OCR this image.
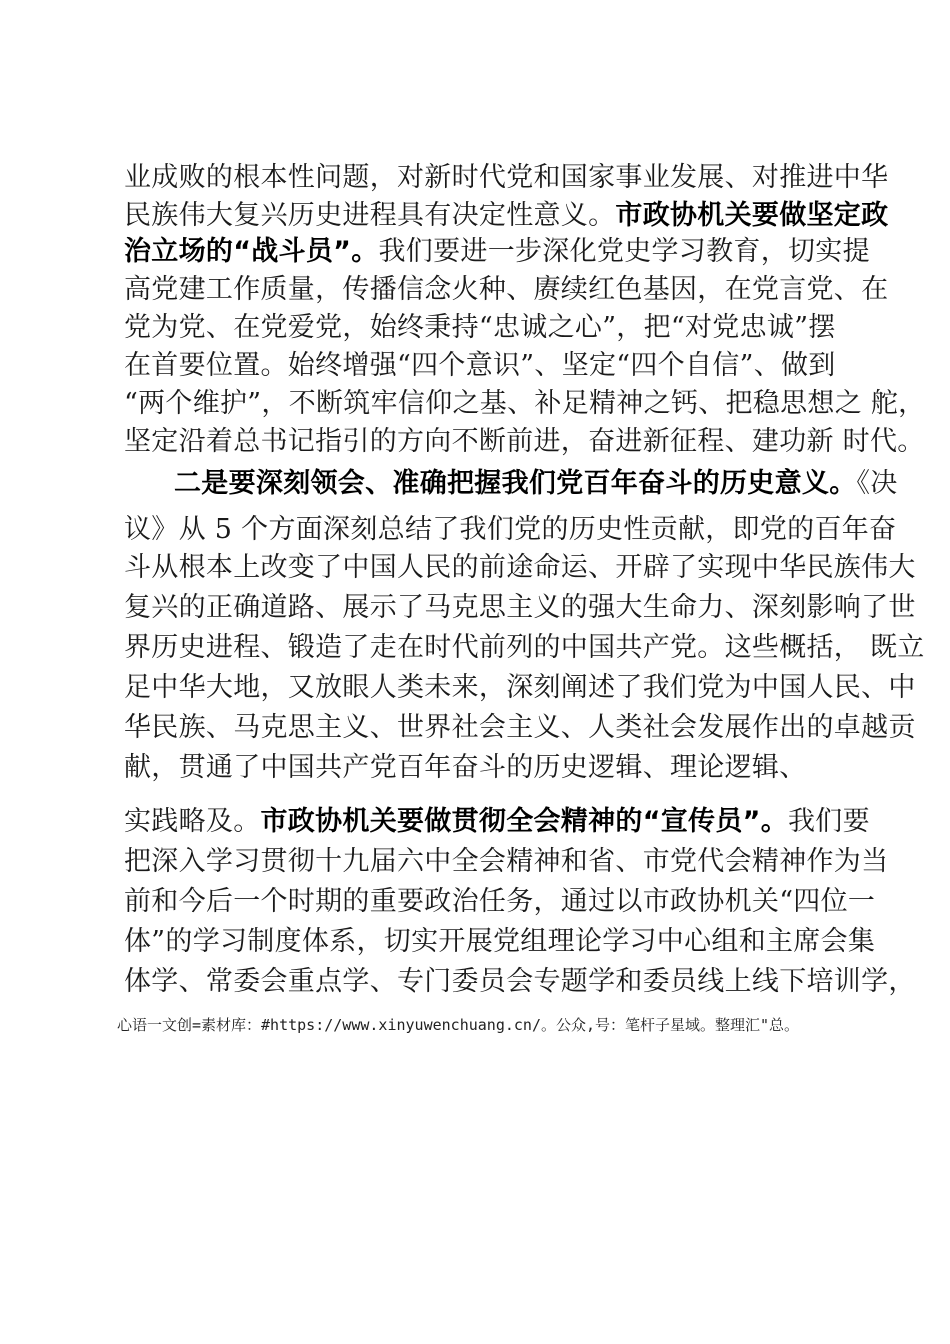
业成败的根本性问题，对新时代党和国家事业发展、对推进中华
民族伟大复兴历史进程具有决定性意义。市政协机关要做坚定政
治立场的“战斗员”。我们要进一步深化党史学习教育，切实提
高党建工作质量，传播信念火种、赓续红色基因，在党言党、在
党为党、在党爱党，始终秉持“忠诚之心”，把“对党忠诚”摆
在首要位置。始终增强“四个意识”、坚定“四个自信”、做到
“两个维护”，不断筑牢信仰之基、补足精神之钙、把稳思想之 舵，
坚定沿着总书记指引的方向不断前进，奋进新征程、建功新 时代。
二是要深刻领会、准确把握我们党百年奋斗的历史意义。《决
议》从 5 个方面深刻总结了我们党的历史性贡献，即党的百年奋
斗从根本上改变了中国人民的前途命运、开辟了实现中华民族伟大
复兴的正确道路、展示了马克思主义的强大生命力、深刻影响了世
界历史进程、锻造了走在时代前列的中国共产党。这些概括， 既立
足中华大地，又放眼人类未来，深刻阐述了我们党为中国人民、中
华民族、马克思主义、世界社会主义、人类社会发展作出的卓越贡
献，贯通了中国共产党百年奋斗的历史逻辑、理论逻辑、
实践略及。市政协机关要做贯彻全会精神的“宣传员”。我们要
把深入学习贯彻十九届六中全会精神和省、市党代会精神作为当
前和今后一个时期的重要政治任务，通过以市政协机关“四位一
体”的学习制度体系，切实开展党组理论学习中心组和主席会集
体学、常委会重点学、专门委员会专题学和委员线上线下培训学，
心语一文创=素材库：#https://www.xinyuwenchuang.cn/。公众,号：笔杆子星域。整理汇"总。
